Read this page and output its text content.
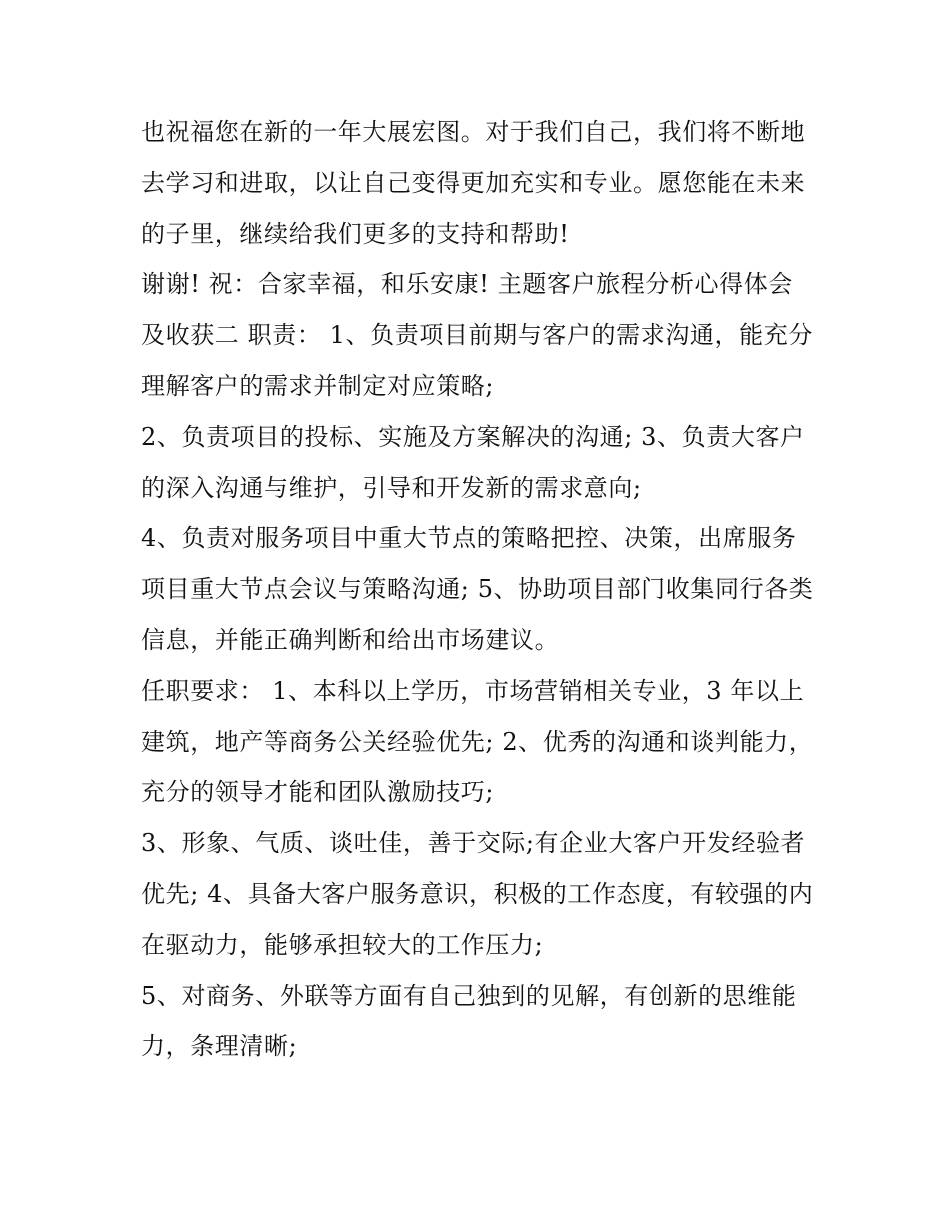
也祝福您在新的一年大展宏图。对于我们自己，我们将不断地
去学习和进取，以让自己变得更加充实和专业。愿您能在未来
的子里，继续给我们更多的支持和帮助!
谢谢! 祝：合家幸福，和乐安康! 主题客户旅程分析心得体会
及收获二 职责： 1、负责项目前期与客户的需求沟通，能充分
理解客户的需求并制定对应策略;
2、负责项目的投标、实施及方案解决的沟通; 3、负责大客户
的深入沟通与维护，引导和开发新的需求意向;
4、负责对服务项目中重大节点的策略把控、决策，出席服务
项目重大节点会议与策略沟通; 5、协助项目部门收集同行各类
信息，并能正确判断和给出市场建议。
任职要求： 1、本科以上学历，市场营销相关专业，3 年以上
建筑，地产等商务公关经验优先; 2、优秀的沟通和谈判能力，
充分的领导才能和团队激励技巧;
3、形象、气质、谈吐佳，善于交际;有企业大客户开发经验者
优先; 4、具备大客户服务意识，积极的工作态度，有较强的内
在驱动力，能够承担较大的工作压力;
5、对商务、外联等方面有自己独到的见解，有创新的思维能
力，条理清晰;
